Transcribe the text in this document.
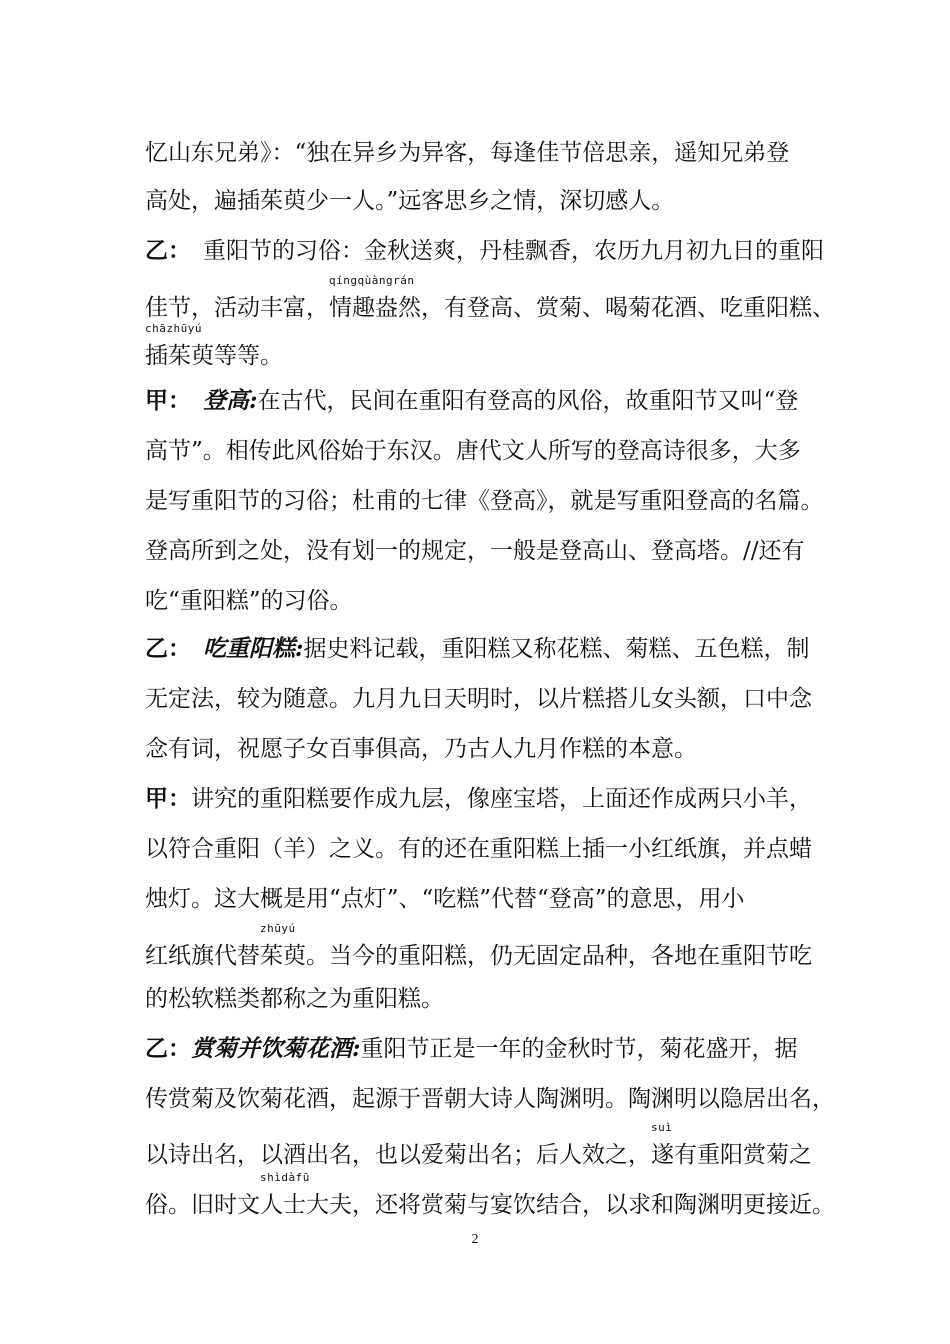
忆山东兄弟》：“独在异乡为异客，每逢佳节倍思亲，遥知兄弟登
高处，遍插茱萸少一人。”远客思乡之情，深切感人。
乙： 重阳节的习俗：金秋送爽，丹桂飘香，农历九月初九日的重阳
佳节，活动丰富，
qíngqùàngrán
情趣盎然，有登高、赏菊、喝菊花酒、吃重阳糕、
chāzhūyú
插茱萸等等。
甲： 登高:在古代，民间在重阳有登高的风俗，故重阳节又叫“登
高节”。相传此风俗始于东汉。唐代文人所写的登高诗很多，大多
是写重阳节的习俗；杜甫的七律《登高》，就是写重阳登高的名篇。
登高所到之处，没有划一的规定，一般是登高山、登高塔。//还有
吃“重阳糕”的习俗。
乙： 吃重阳糕:据史料记载，重阳糕又称花糕、菊糕、五色糕，制
无定法，较为随意。九月九日天明时，以片糕搭儿女头额，口中念
念有词，祝愿子女百事俱高，乃古人九月作糕的本意。
甲：讲究的重阳糕要作成九层，像座宝塔，上面还作成两只小羊，
以符合重阳（羊）之义。有的还在重阳糕上插一小红纸旗，并点蜡
烛灯。这大概是用“点灯”、“吃糕”代替“登高”的意思，用小
红纸旗代替
zhūyú
茱萸。当今的重阳糕，仍无固定品种，各地在重阳节吃
的松软糕类都称之为重阳糕。
乙：赏菊并饮菊花酒:重阳节正是一年的金秋时节，菊花盛开，据
传赏菊及饮菊花酒，起源于晋朝大诗人陶渊明。陶渊明以隐居出名，
以诗出名，以酒出名，也以爱菊出名；后人效之，
suì
遂有重阳赏菊之
俗。旧时文
shìdàfū
人士大夫，还将赏菊与宴饮结合，以求和陶渊明更接近。
2
